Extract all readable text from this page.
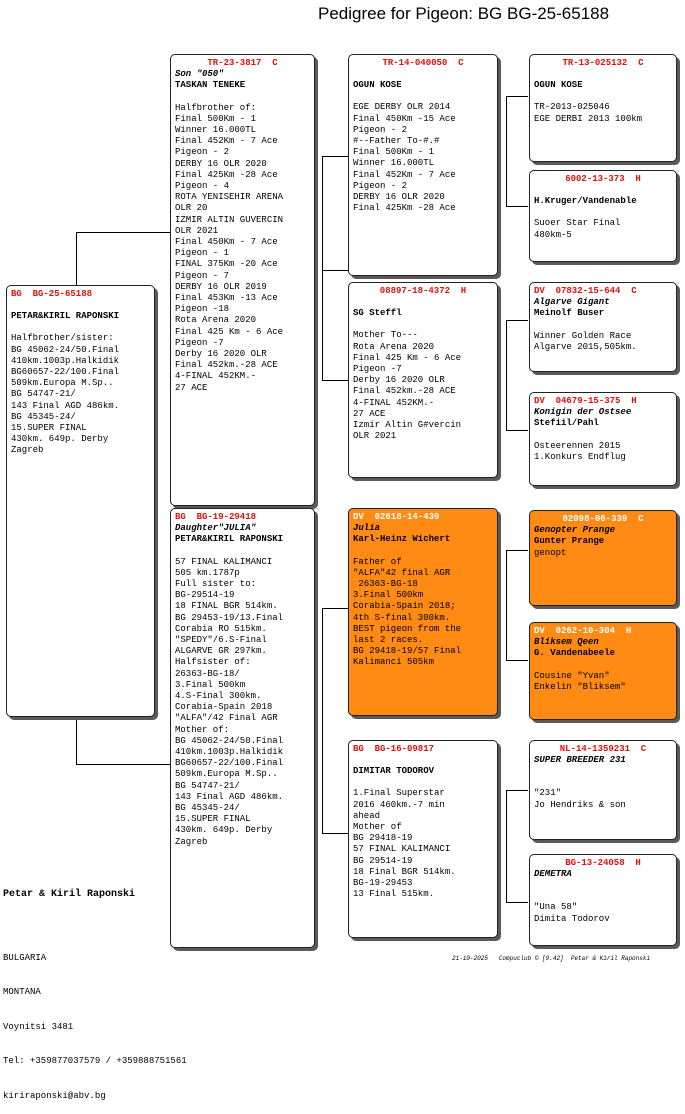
Pedigree for Pigeon: BG BG-25-65188
BG  BG-25-65188
PETAR&KIRIL RAPONSKI
Halfbrother/sister:
BG 45062-24/50.Final
410km.1003p.Halkidik
BG60657-22/100.Final
509km.Europa M.Sp..
BG 54747-21/
143 Final AGD 486km.
BG 45345-24/
15.SUPER FINAL
430km. 649p. Derby
Zagreb
TR-23-3817  C
Son "050"
TASKAN TENEKE
Halfbrother of:
Final 500Km - 1
Winner 16.000TL
Final 452Km - 7 Ace
Pigeon - 2
DERBY 16 OLR 2020
Final 425Km -28 Ace
Pigeon - 4
ROTA YENISEHIR ARENA
OLR 20
IZMIR ALTIN GUVERCIN
OLR 2021
Final 450Km - 7 Ace
Pigeon - 1
FINAL 375Km -20 Ace
Pigeon - 7
DERBY 16 OLR 2019
Final 453Km -13 Ace
Pigeon -18
Rota Arena 2020
Final 425 Km - 6 Ace
Pigeon -7
Derby 16 2020 OLR
Final 452km.-28 ACE
4-FINAL 452KM.-
27 ACE
BG  BG-19-29418
Daughter"JULIA"
PETAR&KIRIL RAPONSKI
57 FINAL KALIMANCI
505 km.1787p
Full sister to:
BG-29514-19
18 FINAL BGR 514km.
BG 29453-19/13.Final
Corabia RO 515km.
"SPEDY"/6.S-Final
ALGARVE GR 297km.
Halfsister of:
26363-BG-18/
3.Final 500km
4.S-Final 300km.
Corabia-Spain 2018
"ALFA"/42 Final AGR
Mother of:
BG 45062-24/50.Final
410km.1003p.Halkidik
BG60657-22/100.Final
509km.Europa M.Sp..
BG 54747-21/
143 Final AGD 486km.
BG 45345-24/
15.SUPER FINAL
430km. 649p. Derby
Zagreb
TR-14-040050  C
OGUN KOSE
EGE DERBY OLR 2014
Final 450Km -15 Ace
Pigeon - 2
#--Father To-#.#
Final 500Km - 1
Winner 16.000TL
Final 452Km - 7 Ace
Pigeon - 2
DERBY 16 OLR 2020
Final 425Km -28 Ace
08897-18-4372  H
SG Steffl
Mother To---
Rota Arena 2020
Final 425 Km - 6 Ace
Pigeon -7
Derby 16 2020 OLR
Final 452km.-28 ACE
4-FINAL 452KM.-
27 ACE
Izmir Altin G#vercin
OLR 2021
DV  02618-14-439
Julia
Karl-Heinz Wichert
Father of
"ALFA"42 final AGR
26363-BG-18
3.Final 500km
Corabia-Spain 2018;
4th S-final 300km.
BEST pigeon from the
last 2 races.
BG 29418-19/57 Final
Kalimanci 505km
BG  BG-16-09817
DIMITAR TODOROV
1.Final Superstar
2016 460km.-7 min
ahead
Mother of
BG 29418-19
57 FINAL KALIMANCI
BG 29514-19
18 Final BGR 514km.
BG-19-29453
13 Final 515km.
TR-13-025132  C
OGUN KOSE
TR-2013-025046
EGE DERBI 2013 100km
6002-13-373  H
H.Kruger/Vandenable
Suoer Star Final
480km-5
DV  07832-15-644  C
Algarve Gigant
Meinolf Buser
Winner Golden Race
Algarve 2015,505km.
DV  04679-15-375  H
Konigin der Ostsee
Stefiil/Pahl
Osteerennen 2015
1.Konkurs Endflug
02098-06-339  C
Genopter Prange
Gunter Prange
genopt
DV  0262-10-304  H
Bliksem Qeen
G. Vandenabeele
Cousine "Yvan"
Enkelin "Bliksem"
NL-14-1359231  C
SUPER BREEDER 231
"231"
Jo Hendriks & son
BG-13-24058  H
DEMETRA
"Una 58"
Dimita Todorov

Petar & Kiril Raponski

BULGARIA

MONTANA

Voynitsi 3481

Tel: +359877037579 / +359888751561

kiriraponski@abv.bg

21-10-2025 Compuclub © [9.42] Petar & Kiril Raponski
